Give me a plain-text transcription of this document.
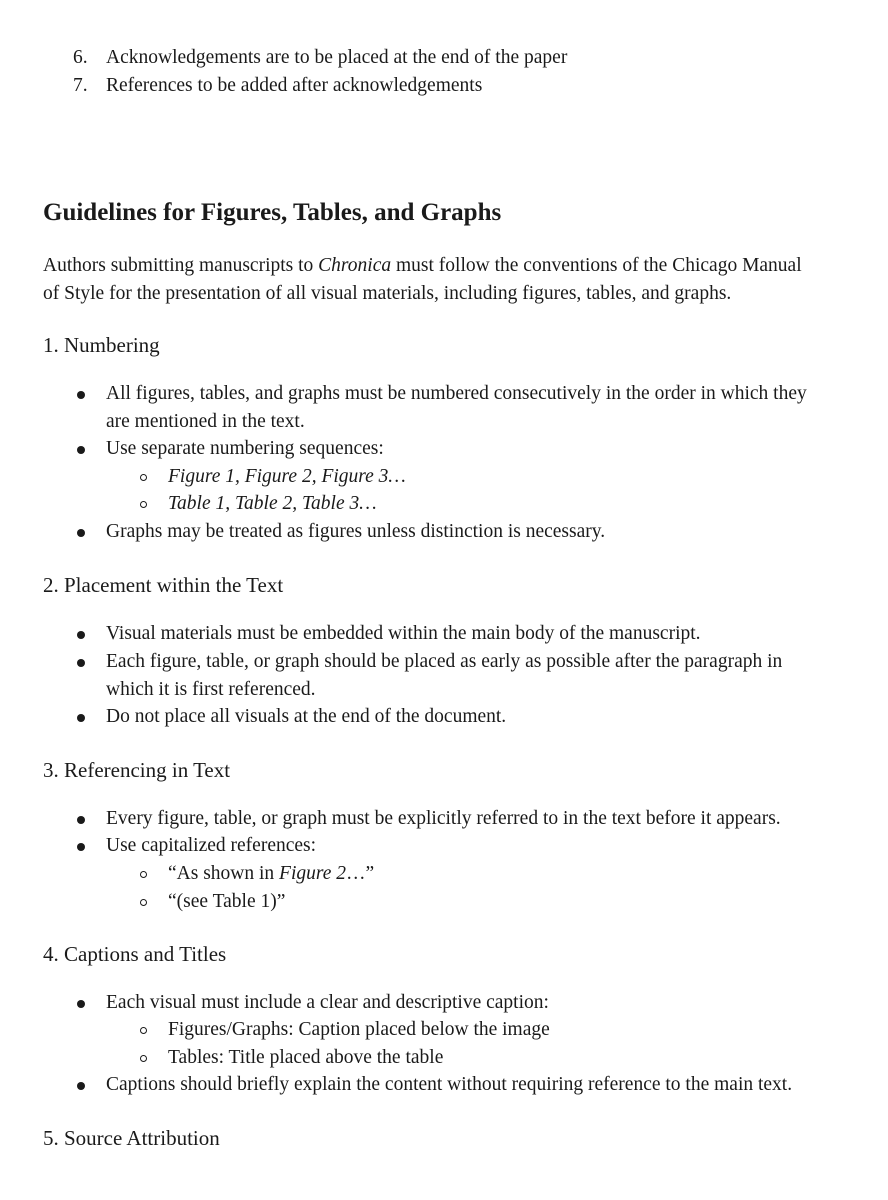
6. Acknowledgements are to be placed at the end of the paper
7. References to be added after acknowledgements
Guidelines for Figures, Tables, and Graphs
Authors submitting manuscripts to Chronica must follow the conventions of the Chicago Manual
of Style for the presentation of all visual materials, including figures, tables, and graphs.
1. Numbering
All figures, tables, and graphs must be numbered consecutively in the order in which they
are mentioned in the text.
Use separate numbering sequences:
Figure 1, Figure 2, Figure 3…
Table 1, Table 2, Table 3…
Graphs may be treated as figures unless distinction is necessary.
2. Placement within the Text
Visual materials must be embedded within the main body of the manuscript.
Each figure, table, or graph should be placed as early as possible after the paragraph in
which it is first referenced.
Do not place all visuals at the end of the document.
3. Referencing in Text
Every figure, table, or graph must be explicitly referred to in the text before it appears.
Use capitalized references:
“As shown in Figure 2…”
“(see Table 1)”
4. Captions and Titles
Each visual must include a clear and descriptive caption:
Figures/Graphs: Caption placed below the image
Tables: Title placed above the table
Captions should briefly explain the content without requiring reference to the main text.
5. Source Attribution
